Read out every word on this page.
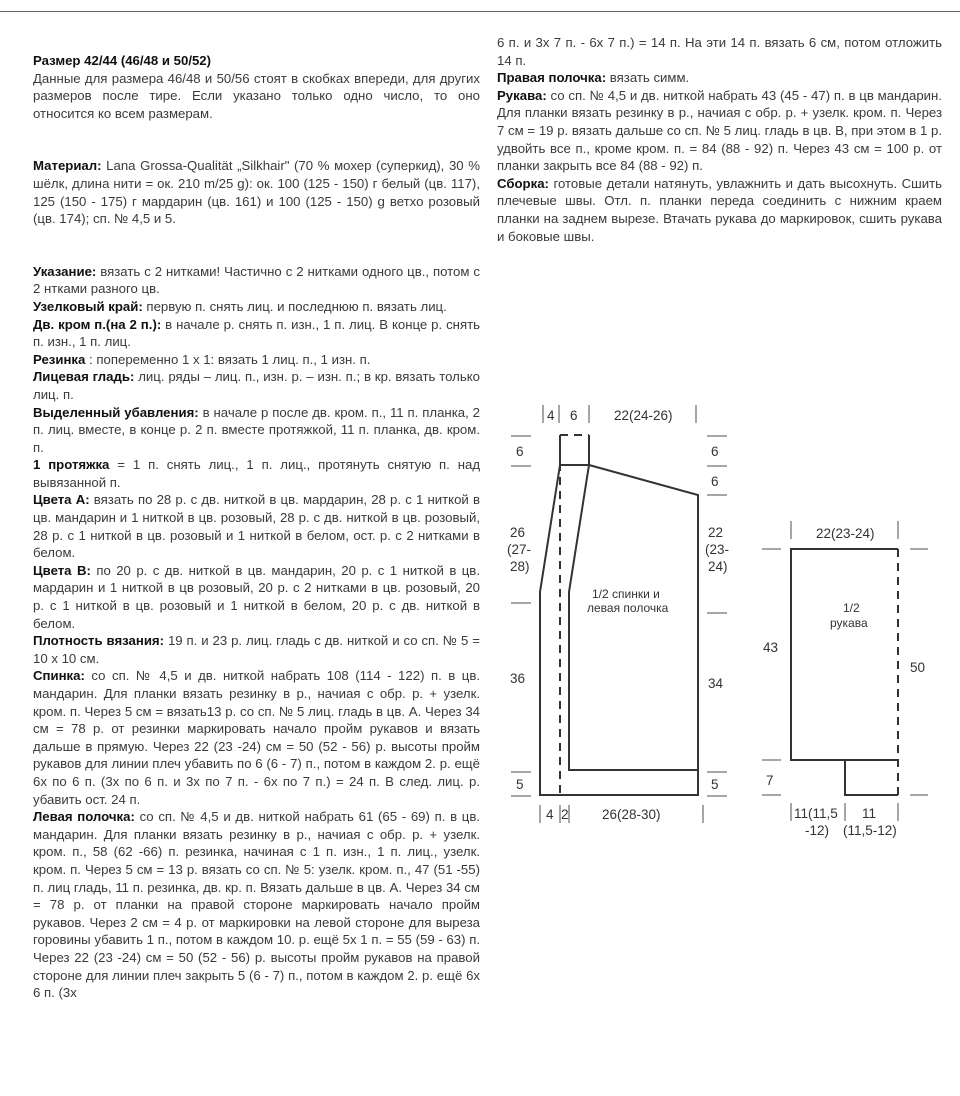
Размер 42/44 (46/48 и 50/52)

Данные для размера 46/48 и 50/56 стоят в скобках впереди, для других размеров после тире. Если указано только одно число, то оно относится ко всем размерам.

Материал: Lana Grossa-Qualität „Silkhair" (70 % мохер (суперкид), 30 % шёлк, длина нити = ок. 210 m/25 g): ок. 100 (125 - 150) г белый (цв. 117), 125 (150 - 175) г мардарин (цв. 161) и 100 (125 - 150) g ветхо розовый (цв. 174); сп. № 4,5 и 5.

Указание: вязать с 2 нитками! Частично с 2 нитками одного цв., потом с 2 нтками разного цв.

Узелковый край: первую п. снять лиц. и последнюю п. вязать лиц.

Дв. кром п.(на 2 п.): в начале р. снять п. изн., 1 п. лиц. В конце р. снять п. изн., 1 п. лиц.

Резинка : попеременно 1 х 1: вязать 1 лиц. п., 1 изн. п.

Лицевая гладь: лиц. ряды – лиц. п., изн. р. – изн. п.; в кр. вязать только лиц. п.

Выделенный убавления: в начале р после дв. кром. п., 11 п. планка, 2 п. лиц. вместе, в конце р. 2 п. вместе протяжкой, 11 п. планка, дв. кром. п.

1 протяжка = 1 п. снять лиц., 1 п. лиц., протянуть снятую п. над вывязанной п.

Цвета А: вязать по 28 р. с дв. ниткой в цв. мардарин, 28 р. с 1 ниткой в цв. мандарин и 1 ниткой в цв. розовый, 28 р. с дв. ниткой в цв. розовый, 28 р. с 1 ниткой в цв. розовый и 1 ниткой в белом, ост. р. с 2 нитками в белом.

Цвета В: по 20 р. с дв. ниткой в цв. мандарин, 20 р. с 1 ниткой в цв. мардарин и 1 ниткой в цв розовый, 20 р. с 2 нитками в цв. розовый, 20 р. с 1 ниткой в цв. розовый и 1 ниткой в белом, 20 р. с дв. ниткой в белом.

Плотность вязания: 19 п. и 23 р. лиц. гладь с дв. ниткой и со сп. № 5 = 10 х 10 см.

Спинка: со сп. № 4,5 и дв. ниткой набрать 108 (114 - 122) п. в цв. мандарин. Для планки вязать резинку в р., начиая с обр. р. + узелк. кром. п. Через 5 см = вязать13 р. со сп. № 5 лиц. гладь в цв. А. Через 34 см = 78 р. от резинки маркировать начало пройм рукавов и вязать дальше в прямую. Через 22 (23 -24) см = 50 (52 - 56) р. высоты пройм рукавов для линии плеч убавить по 6 (6 - 7) п., потом в каждом 2. р. ещё 6х по 6 п. (3х по 6 п. и 3х по 7 п. - 6х по 7 п.) = 24 п. В след. лиц. р. убавить ост. 24 п.

Левая полочка: со сп. № 4,5 и дв. ниткой набрать 61 (65 - 69) п. в цв. мандарин. Для планки вязать резинку в р., начиая с обр. р. + узелк. кром. п., 58 (62 -66) п. резинка, начиная с 1 п. изн., 1 п. лиц., узелк. кром. п. Через 5 см = 13 р. вязать со сп. № 5: узелк. кром. п., 47 (51 -55) п. лиц гладь, 11 п. резинка, дв. кр. п. Вязать дальше в цв. А. Через 34 см = 78 р. от планки на правой стороне маркировать начало пройм рукавов. Через 2 см = 4 р. от маркировки на левой стороне для выреза горовины убавить 1 п., потом в каждом 10. р. ещё 5х 1 п. = 55 (59 - 63) п. Через 22 (23 -24) см = 50 (52 - 56) р. высоты пройм рукавов на правой стороне для линии плеч закрыть 5 (6 - 7) п., потом в каждом 2. р. ещё 6х 6 п. (3х

6 п. и 3х 7 п. - 6х 7 п.) = 14 п. На эти 14 п. вязать 6 см, потом отложить 14 п.

Правая полочка: вязать симм.

Рукава: со сп. № 4,5 и дв. ниткой набрать 43 (45 - 47) п. в цв мандарин. Для планки вязать резинку в р., начиая с обр. р. + узелк. кром. п. Через 7 см = 19 р. вязать дальше со сп. № 5 лиц. гладь в цв. В, при этом в 1 р. удвойть все п., кроме кром. п. = 84 (88 - 92) п. Через 43 см = 100 р. от планки закрыть все 84 (88 - 92) п.

Сборка: готовые детали натянуть, увлажнить и дать высохнуть. Сшить плечевые швы. Отл. п. планки переда соединить с нижним краем планки на заднем вырезе. Втачать рукава до маркировок, сшить рукава и боковые швы.

4 6	22(24-26)
6
26
(27-
28)
36
5
6
6
22
(23-
24)
34
5
4 2 26(28-30)
1/2 спинки и
левая полочка
22(23-24)
43
7
50
1/2
рукава
11(11,5
-12)
11
(11,5-12)
